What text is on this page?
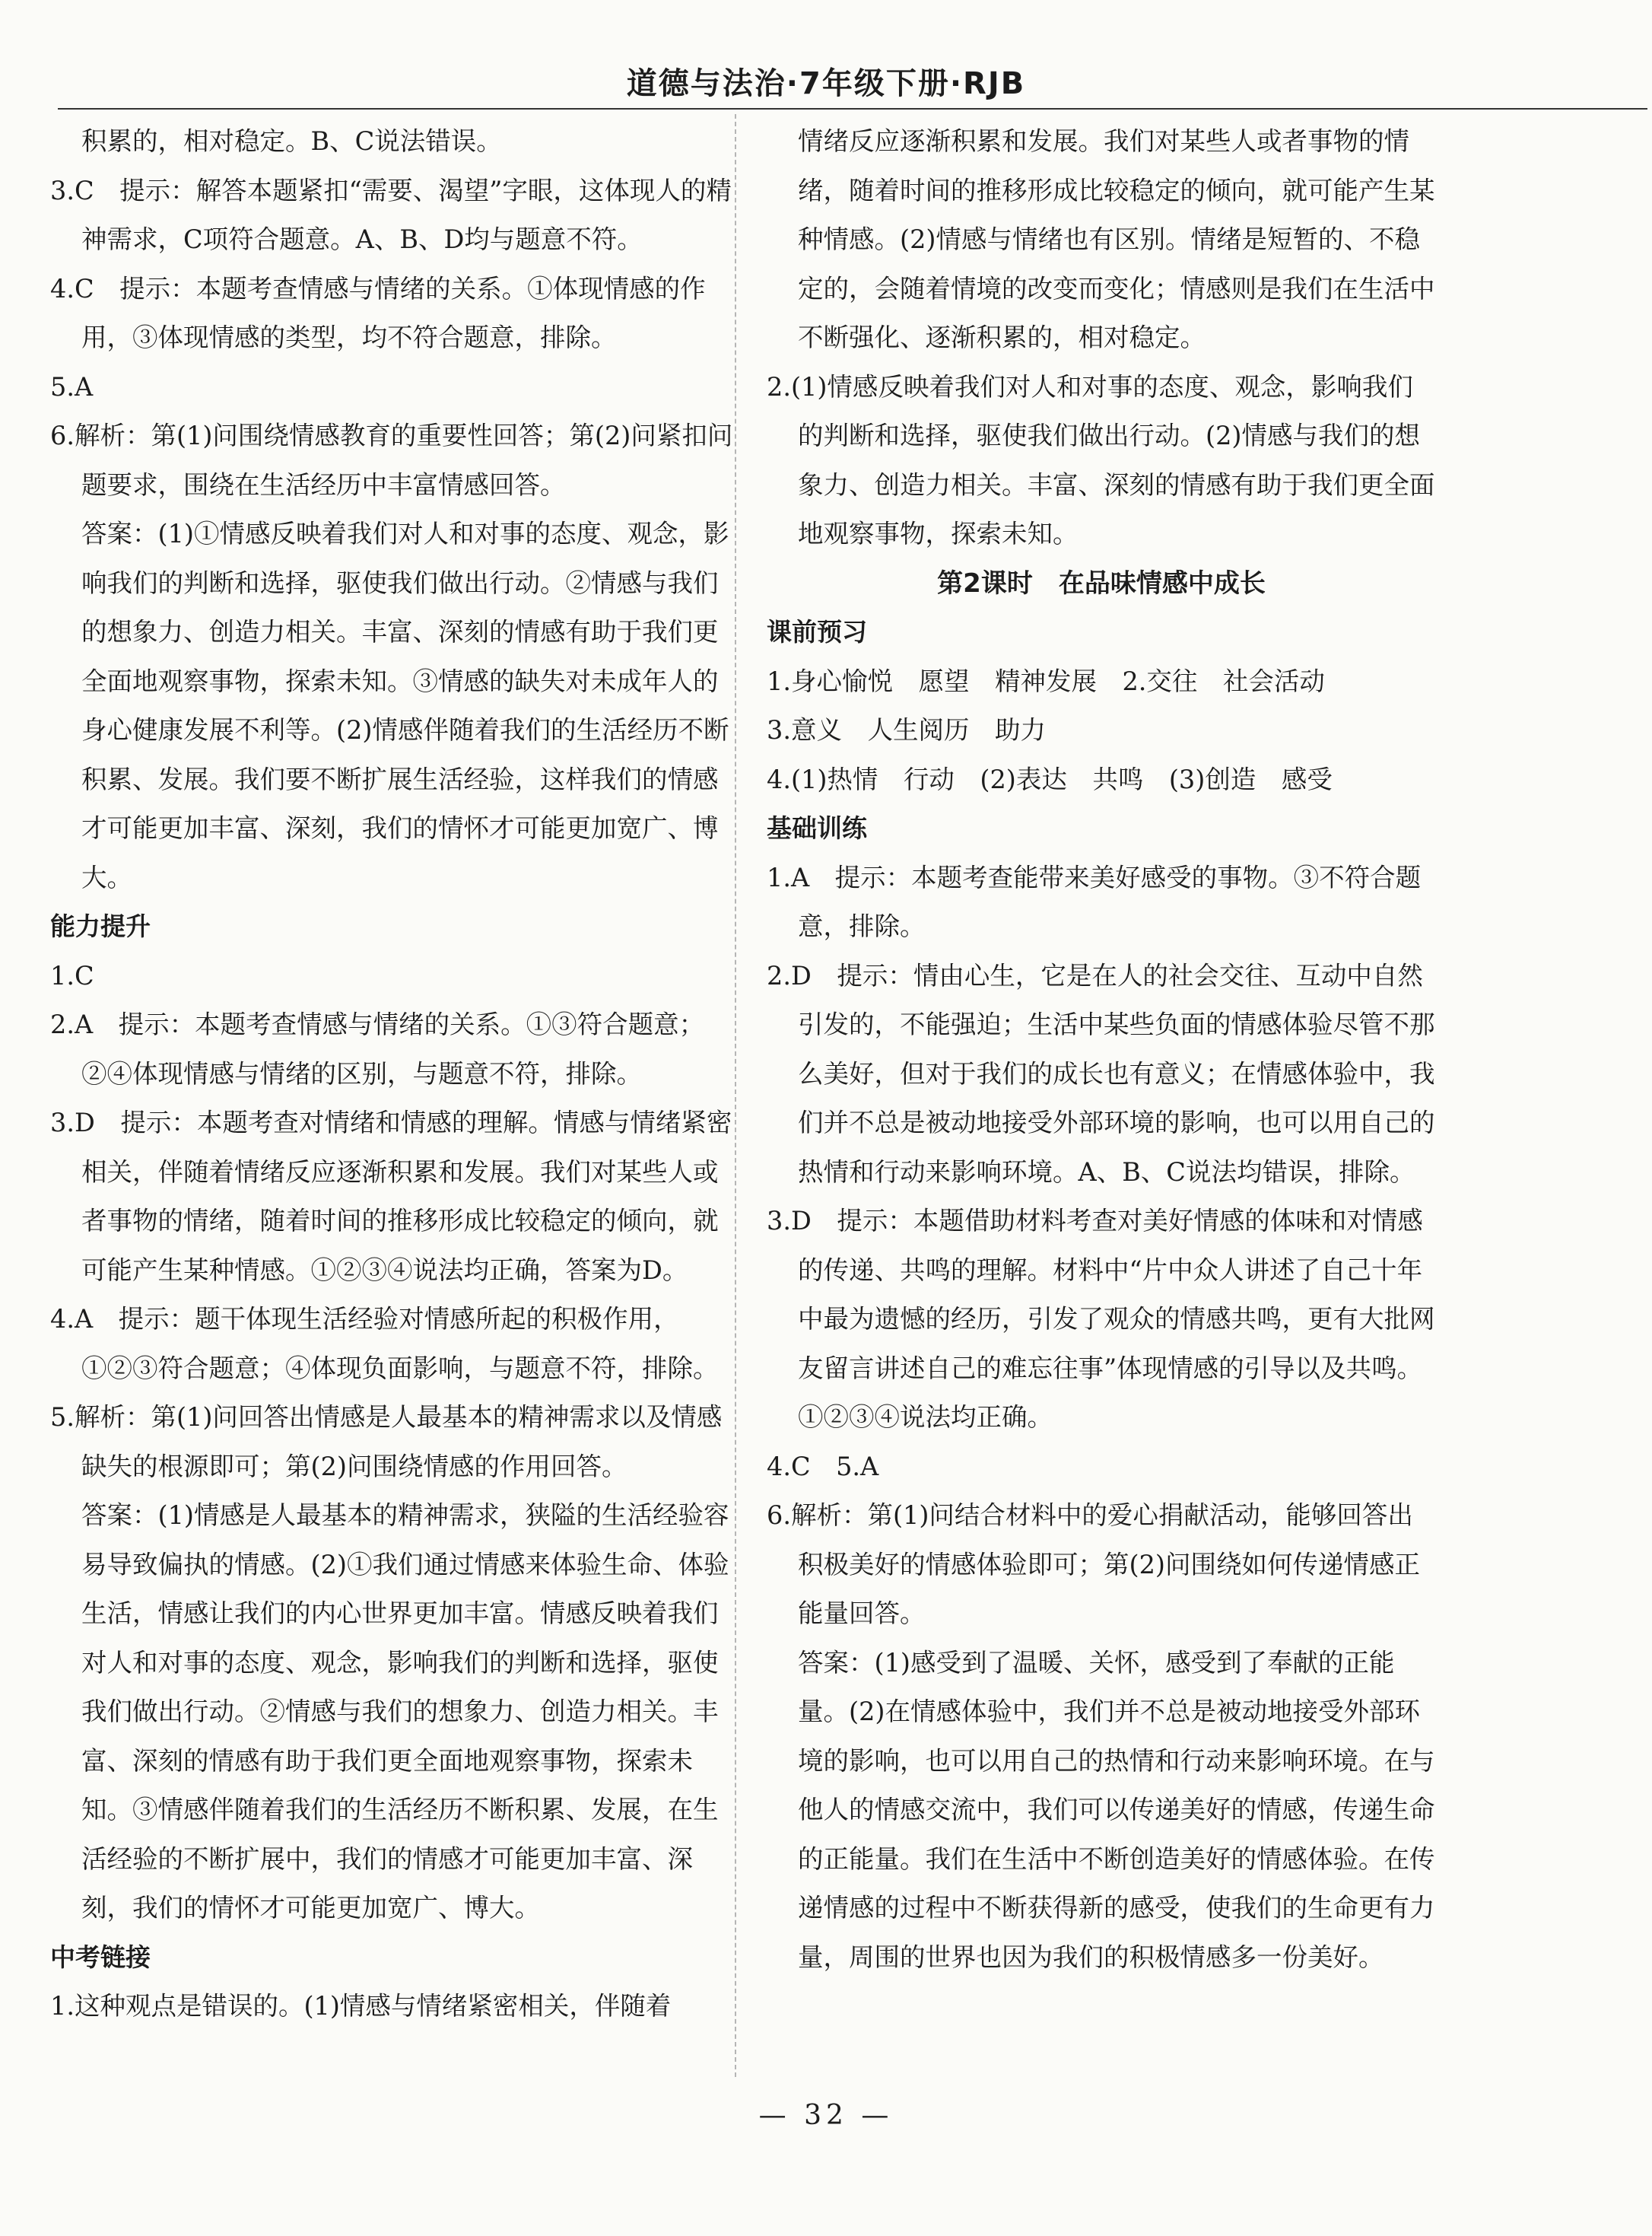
道德与法治·7年级下册·RJB

积累的，相对稳定。B、C说法错误。

3.C　提示：解答本题紧扣“需要、渴望”字眼，这体现人的精神需求，C项符合题意。A、B、D均与题意不符。

4.C　提示：本题考查情感与情绪的关系。①体现情感的作用，③体现情感的类型，均不符合题意，排除。

5.A

6.解析：第(1)问围绕情感教育的重要性回答；第(2)问紧扣问题要求，围绕在生活经历中丰富情感回答。

答案：(1)①情感反映着我们对人和对事的态度、观念，影响我们的判断和选择，驱使我们做出行动。②情感与我们的想象力、创造力相关。丰富、深刻的情感有助于我们更全面地观察事物，探索未知。③情感的缺失对未成年人的身心健康发展不利等。(2)情感伴随着我们的生活经历不断积累、发展。我们要不断扩展生活经验，这样我们的情感才可能更加丰富、深刻，我们的情怀才可能更加宽广、博大。

能力提升

1.C

2.A　提示：本题考查情感与情绪的关系。①③符合题意；②④体现情感与情绪的区别，与题意不符，排除。

3.D　提示：本题考查对情绪和情感的理解。情感与情绪紧密相关，伴随着情绪反应逐渐积累和发展。我们对某些人或者事物的情绪，随着时间的推移形成比较稳定的倾向，就可能产生某种情感。①②③④说法均正确，答案为D。

4.A　提示：题干体现生活经验对情感所起的积极作用，①②③符合题意；④体现负面影响，与题意不符，排除。

5.解析：第(1)问回答出情感是人最基本的精神需求以及情感缺失的根源即可；第(2)问围绕情感的作用回答。

答案：(1)情感是人最基本的精神需求，狭隘的生活经验容易导致偏执的情感。(2)①我们通过情感来体验生命、体验生活，情感让我们的内心世界更加丰富。情感反映着我们对人和对事的态度、观念，影响我们的判断和选择，驱使我们做出行动。②情感与我们的想象力、创造力相关。丰富、深刻的情感有助于我们更全面地观察事物，探索未知。③情感伴随着我们的生活经历不断积累、发展，在生活经验的不断扩展中，我们的情感才可能更加丰富、深刻，我们的情怀才可能更加宽广、博大。

中考链接

1.这种观点是错误的。(1)情感与情绪紧密相关，伴随着

情绪反应逐渐积累和发展。我们对某些人或者事物的情绪，随着时间的推移形成比较稳定的倾向，就可能产生某种情感。(2)情感与情绪也有区别。情绪是短暂的、不稳定的，会随着情境的改变而变化；情感则是我们在生活中不断强化、逐渐积累的，相对稳定。

2.(1)情感反映着我们对人和对事的态度、观念，影响我们的判断和选择，驱使我们做出行动。(2)情感与我们的想象力、创造力相关。丰富、深刻的情感有助于我们更全面地观察事物，探索未知。

第2课时　在品味情感中成长

课前预习

1.身心愉悦　愿望　精神发展　2.交往　社会活动

3.意义　人生阅历　助力

4.(1)热情　行动　(2)表达　共鸣　(3)创造　感受

基础训练

1.A　提示：本题考查能带来美好感受的事物。③不符合题意，排除。

2.D　提示：情由心生，它是在人的社会交往、互动中自然引发的，不能强迫；生活中某些负面的情感体验尽管不那么美好，但对于我们的成长也有意义；在情感体验中，我们并不总是被动地接受外部环境的影响，也可以用自己的热情和行动来影响环境。A、B、C说法均错误，排除。

3.D　提示：本题借助材料考查对美好情感的体味和对情感的传递、共鸣的理解。材料中“片中众人讲述了自己十年中最为遗憾的经历，引发了观众的情感共鸣，更有大批网友留言讲述自己的难忘往事”体现情感的引导以及共鸣。①②③④说法均正确。

4.C　5.A

6.解析：第(1)问结合材料中的爱心捐献活动，能够回答出积极美好的情感体验即可；第(2)问围绕如何传递情感正能量回答。

答案：(1)感受到了温暖、关怀，感受到了奉献的正能量。(2)在情感体验中，我们并不总是被动地接受外部环境的影响，也可以用自己的热情和行动来影响环境。在与他人的情感交流中，我们可以传递美好的情感，传递生命的正能量。我们在生活中不断创造美好的情感体验。在传递情感的过程中不断获得新的感受，使我们的生命更有力量，周围的世界也因为我们的积极情感多一份美好。

— 32 —
